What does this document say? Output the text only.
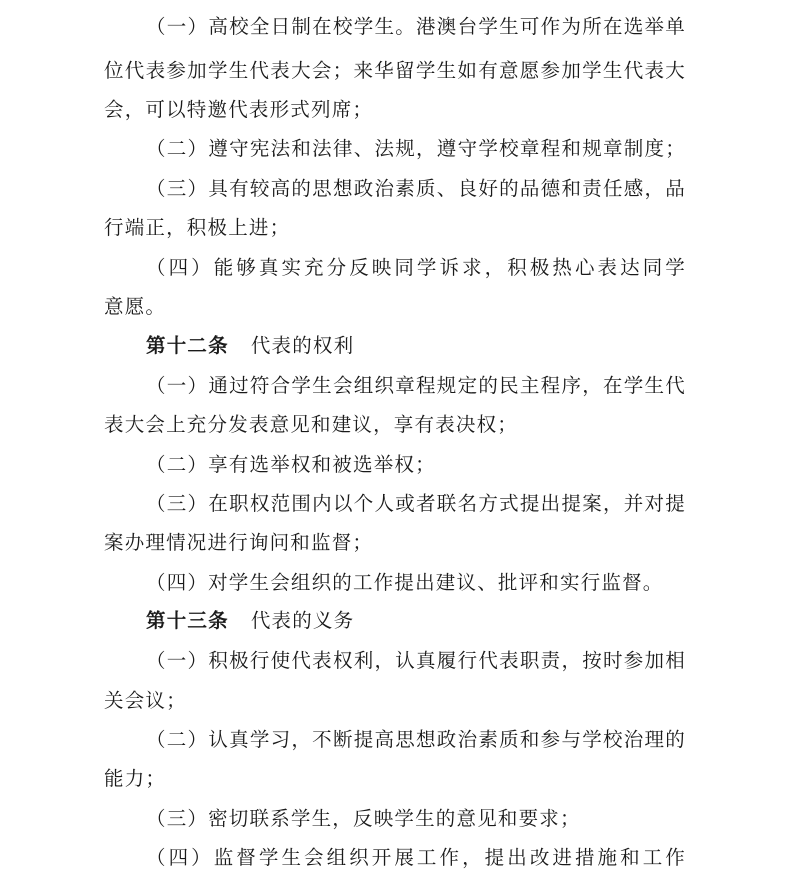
（一）高校全日制在校学生。港澳台学生可作为所在选举单
位代表参加学生代表大会；来华留学生如有意愿参加学生代表大
会，可以特邀代表形式列席；
（二）遵守宪法和法律、法规，遵守学校章程和规章制度；
（三）具有较高的思想政治素质、良好的品德和责任感，品
行端正，积极上进；
（四）能够真实充分反映同学诉求，积极热心表达同学
意愿。
第十二条 代表的权利
（一）通过符合学生会组织章程规定的民主程序，在学生代
表大会上充分发表意见和建议，享有表决权；
（二）享有选举权和被选举权；
（三）在职权范围内以个人或者联名方式提出提案，并对提
案办理情况进行询问和监督；
（四）对学生会组织的工作提出建议、批评和实行监督。
第十三条 代表的义务
（一）积极行使代表权利，认真履行代表职责，按时参加相
关会议；
（二）认真学习，不断提高思想政治素质和参与学校治理的
能力；
（三）密切联系学生，反映学生的意见和要求；
（四）监督学生会组织开展工作，提出改进措施和工作
